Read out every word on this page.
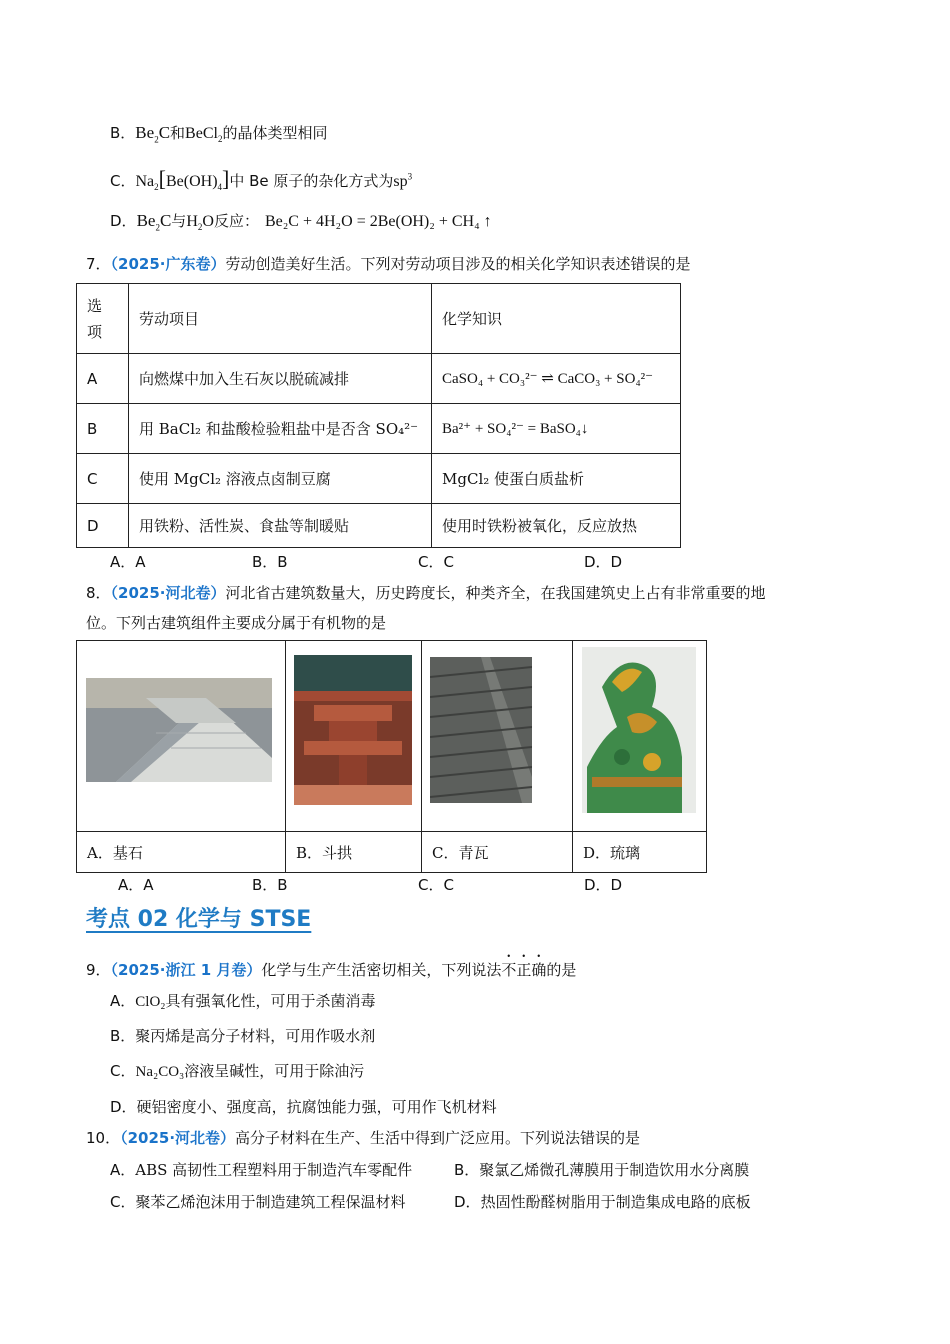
B．$Be_2C$和BeCl$_2$的晶体类型相同
C．$Na_2[Be(OH)_4]$中 Be 原子的杂化方式为$sp^3$
D．$Be_2C$与$H_2O$反应： Be₂C + 4H₂O = 2Be(OH)₂ + CH₄ ↑
7．（2025·广东卷）劳动创造美好生活。下列对劳动项目涉及的相关化学知识表述错误的是
选
项	劳动项目	化学知识
A	向燃煤中加入生石灰以脱硫减排	CaSO₄ + CO₃²⁻ ⇌ CaCO₃ + SO₄²⁻
B	用 BaCl₂ 和盐酸检验粗盐中是否含 SO₄²⁻	Ba²⁺ + SO₄²⁻ = BaSO₄↓
C	使用 MgCl₂ 溶液点卤制豆腐	MgCl₂ 使蛋白质盐析
D	用铁粉、活性炭、食盐等制暖贴	使用时铁粉被氧化，反应放热
A．A	B．B	C．C	D．D
8．（2025·河北卷）河北省古建筑数量大，历史跨度长，种类齐全，在我国建筑史上占有非常重要的地
位。下列古建筑组件主要成分属于有机物的是

A．基石	B．斗拱	C．青瓦	D．琉璃
A．A	B．B	C．C	D．D
考点 02 化学与 STSE
9．（2025·浙江 1 月卷）化学与生产生活密切相关，下列说法不正确的是
A．ClO₂具有强氧化性，可用于杀菌消毒
B．聚丙烯是高分子材料，可用作吸水剂
C．Na₂CO₃溶液呈碱性，可用于除油污
D．硬铝密度小、强度高，抗腐蚀能力强，可用作飞机材料
10．（2025·河北卷）高分子材料在生产、生活中得到广泛应用。下列说法错误的是
A．ABS 高韧性工程塑料用于制造汽车零配件	B．聚氯乙烯微孔薄膜用于制造饮用水分离膜
C．聚苯乙烯泡沫用于制造建筑工程保温材料	D．热固性酚醛树脂用于制造集成电路的底板
